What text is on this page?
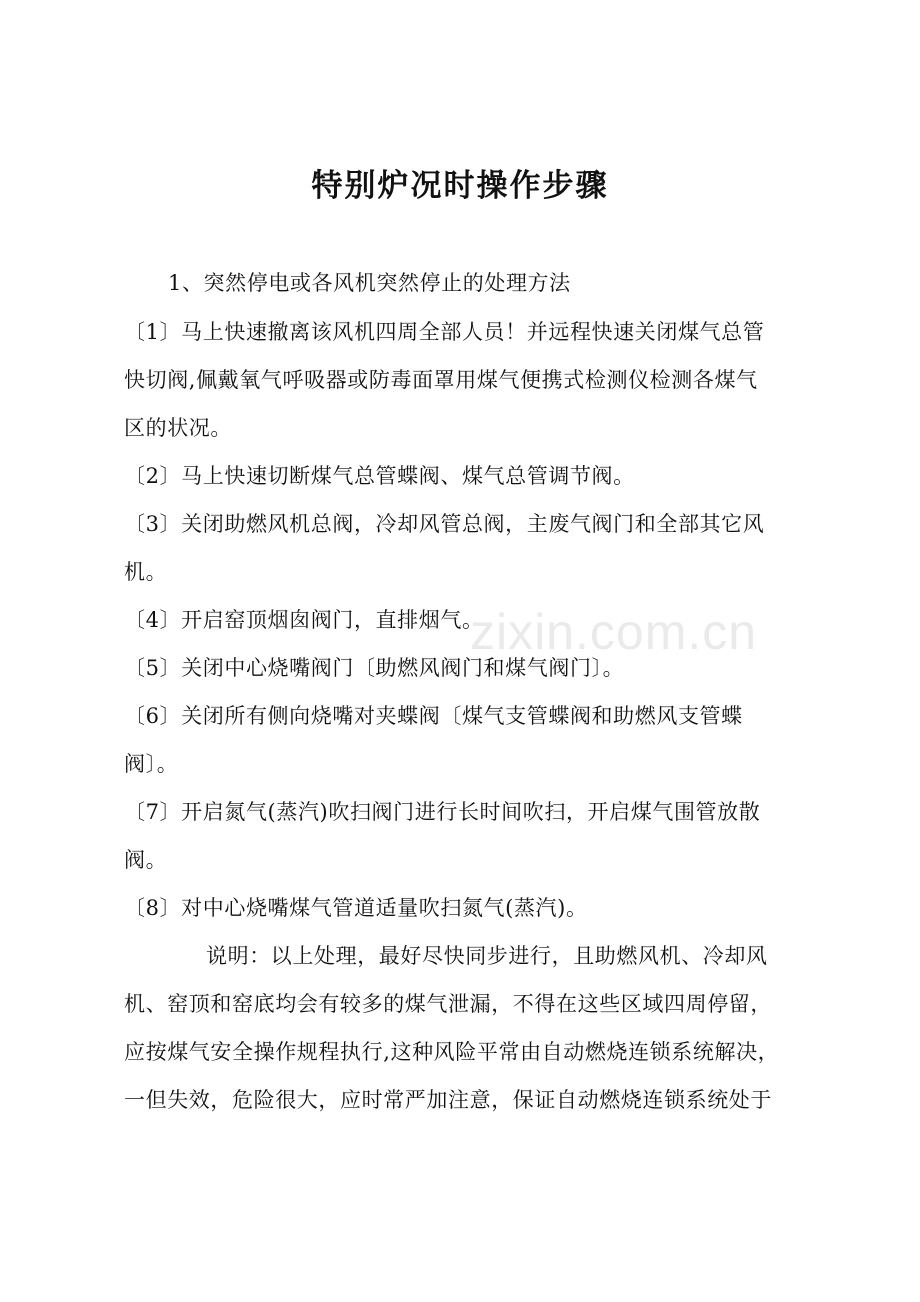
特别炉况时操作步骤

1、突然停电或各风机突然停止的处理方法

〔1〕马上快速撤离该风机四周全部人员！并远程快速关闭煤气总管

快切阀,佩戴氧气呼吸器或防毒面罩用煤气便携式检测仪检测各煤气

区的状况。

〔2〕马上快速切断煤气总管蝶阀、煤气总管调节阀。

〔3〕关闭助燃风机总阀，冷却风管总阀，主废气阀门和全部其它风

机。

〔4〕开启窑顶烟囱阀门，直排烟气。

〔5〕关闭中心烧嘴阀门〔助燃风阀门和煤气阀门〕。

〔6〕关闭所有侧向烧嘴对夹蝶阀〔煤气支管蝶阀和助燃风支管蝶

阀〕。

〔7〕开启氮气(蒸汽)吹扫阀门进行长时间吹扫，开启煤气围管放散

阀。

〔8〕对中心烧嘴煤气管道适量吹扫氮气(蒸汽)。

说明：以上处理，最好尽快同步进行，且助燃风机、冷却风

机、窑顶和窑底均会有较多的煤气泄漏，不得在这些区域四周停留，

应按煤气安全操作规程执行,这种风险平常由自动燃烧连锁系统解决，

一但失效，危险很大，应时常严加注意，保证自动燃烧连锁系统处于

zixin.com.cn
